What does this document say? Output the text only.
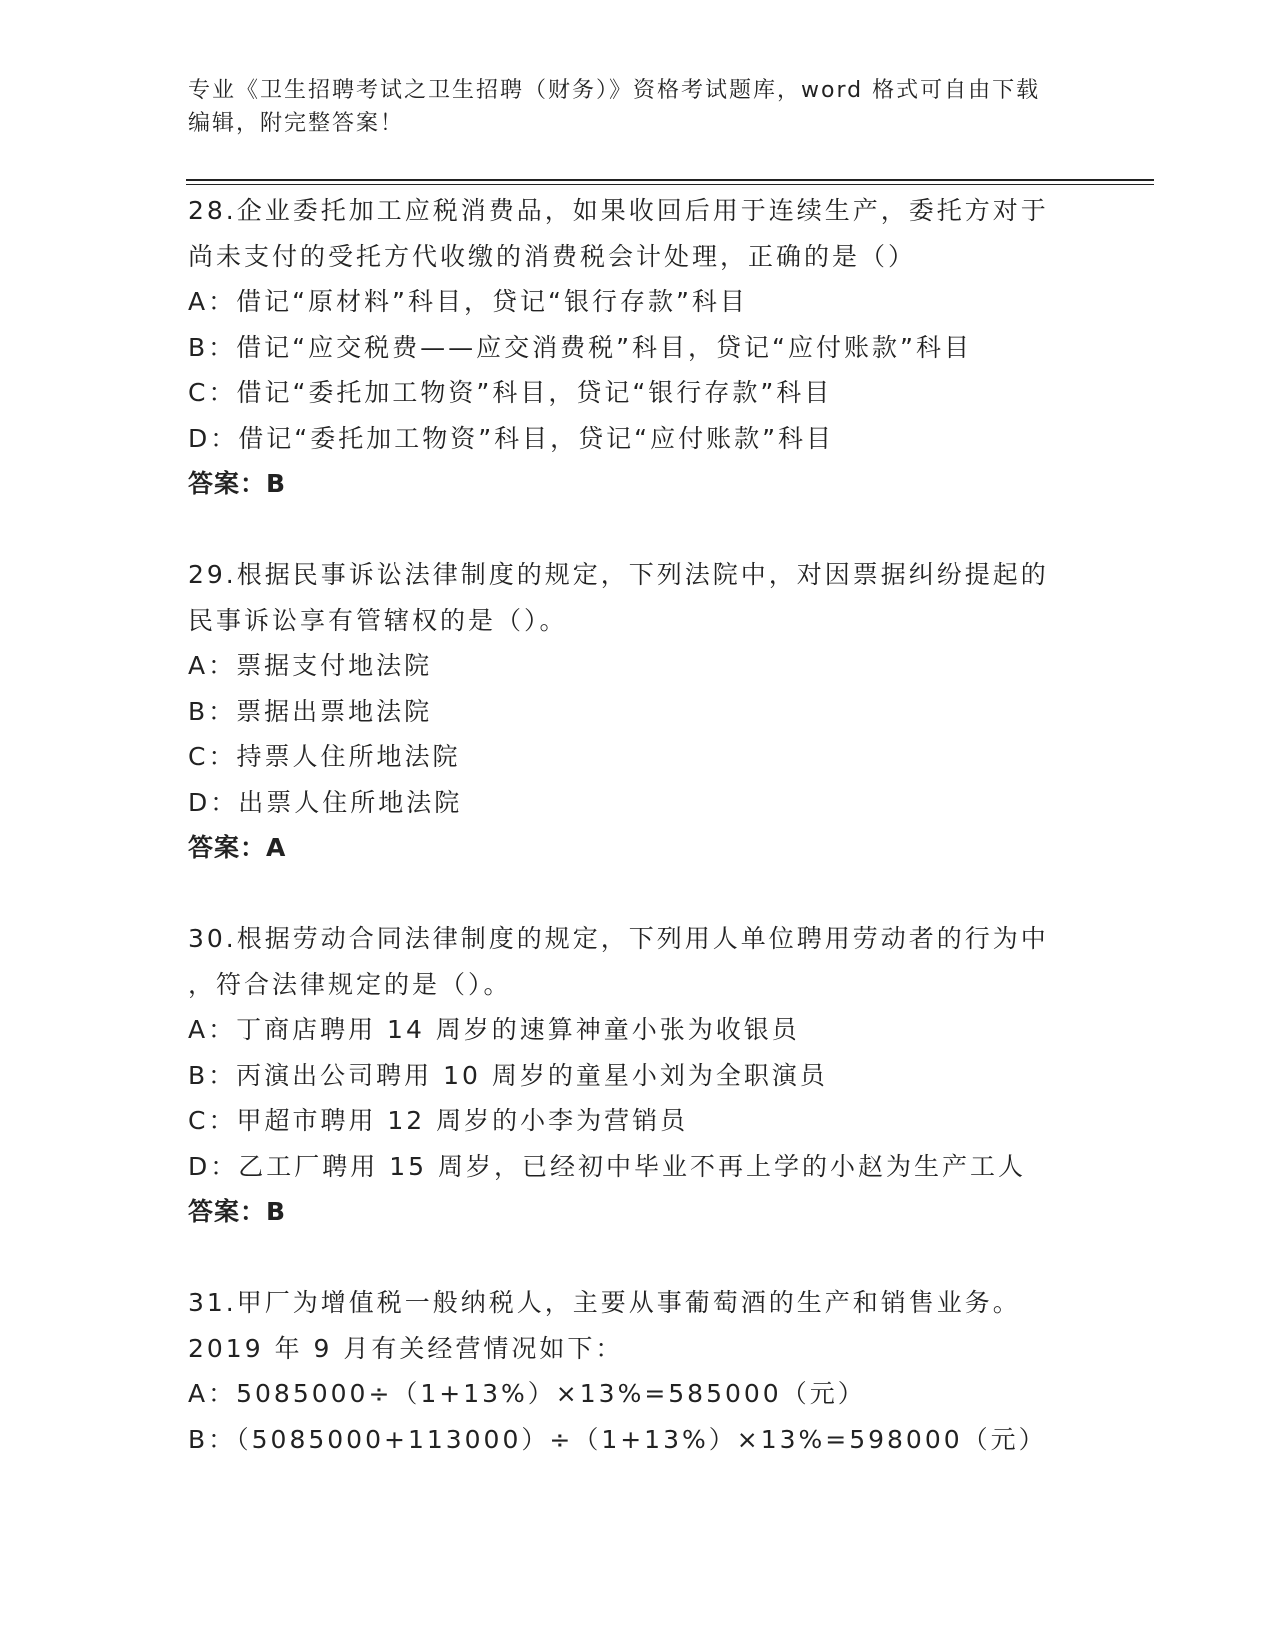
专业《卫生招聘考试之卫生招聘（财务）》资格考试题库，word 格式可自由下载
编辑，附完整答案！
28.企业委托加工应税消费品，如果收回后用于连续生产，委托方对于
尚未支付的受托方代收缴的消费税会计处理，正确的是（）
A：借记“原材料”科目，贷记“银行存款”科目
B：借记“应交税费——应交消费税”科目，贷记“应付账款”科目
C：借记“委托加工物资”科目，贷记“银行存款”科目
D：借记“委托加工物资”科目，贷记“应付账款”科目
答案：B
29.根据民事诉讼法律制度的规定，下列法院中，对因票据纠纷提起的
民事诉讼享有管辖权的是（）。
A：票据支付地法院
B：票据出票地法院
C：持票人住所地法院
D：出票人住所地法院
答案：A
30.根据劳动合同法律制度的规定，下列用人单位聘用劳动者的行为中
，符合法律规定的是（）。
A：丁商店聘用 14 周岁的速算神童小张为收银员
B：丙演出公司聘用 10 周岁的童星小刘为全职演员
C：甲超市聘用 12 周岁的小李为营销员
D：乙工厂聘用 15 周岁，已经初中毕业不再上学的小赵为生产工人
答案：B
31.甲厂为增值税一般纳税人，主要从事葡萄酒的生产和销售业务。
2019 年 9 月有关经营情况如下：
A：5085000÷（1+13%）×13%=585000（元）
B：（5085000+113000）÷（1+13%）×13%=598000（元）
